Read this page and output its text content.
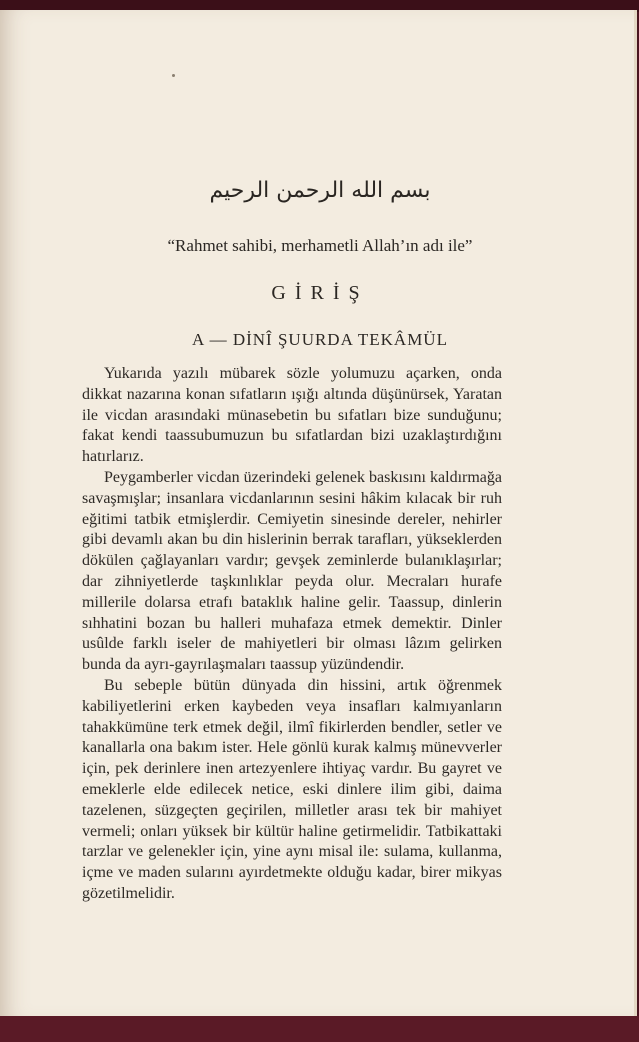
بسم الله الرحمن الرحيم
“Rahmet sahibi, merhametli Allah’ın adı ile”
GİRİŞ
A — DİNÎ ŞUURDA TEKÂMÜL

Yukarıda yazılı mübarek sözle yolumuzu açarken, onda dikkat nazarına konan sıfatların ışığı altında düşünürsek, Yaratan ile vicdan arasındaki münasebetin bu sıfatları bize sunduğunu; fakat kendi taassubumuzun bu sıfatlardan bizi uzaklaştırdığını hatırlarız.

Peygamberler vicdan üzerindeki gelenek baskısını kaldırmağa savaşmışlar; insanlara vicdanlarının sesini hâkim kılacak bir ruh eğitimi tatbik etmişlerdir. Cemiyetin sinesinde dereler, nehirler gibi devamlı akan bu din hislerinin berrak tarafları, yükseklerden dökülen çağlayanları vardır; gevşek zeminlerde bulanıklaşırlar; dar zihniyetlerde taşkınlıklar peyda olur. Mecraları hurafe millerile dolarsa etrafı bataklık haline gelir. Taassup, dinlerin sıhhatini bozan bu halleri muhafaza etmek demektir. Dinler usûlde farklı iseler de mahiyetleri bir olması lâzım gelirken bunda da ayrı-gayrılaşmaları taassup yüzündendir.

Bu sebeple bütün dünyada din hissini, artık öğrenmek kabiliyetlerini erken kaybeden veya insafları kalmıyanların tahakkümüne terk etmek değil, ilmî fikirlerden bendler, setler ve kanallarla ona bakım ister. Hele gönlü kurak kalmış münevverler için, pek derinlere inen artezyenlere ihtiyaç vardır. Bu gayret ve emeklerle elde edilecek netice, eski dinlere ilim gibi, daima tazelenen, süzgeçten geçirilen, milletler arası tek bir mahiyet vermeli; onları yüksek bir kültür haline getirmelidir. Tatbikattaki tarzlar ve gelenekler için, yine aynı misal ile: sulama, kullanma, içme ve maden sularını ayırdetmekte olduğu kadar, birer mikyas gözetilmelidir.
